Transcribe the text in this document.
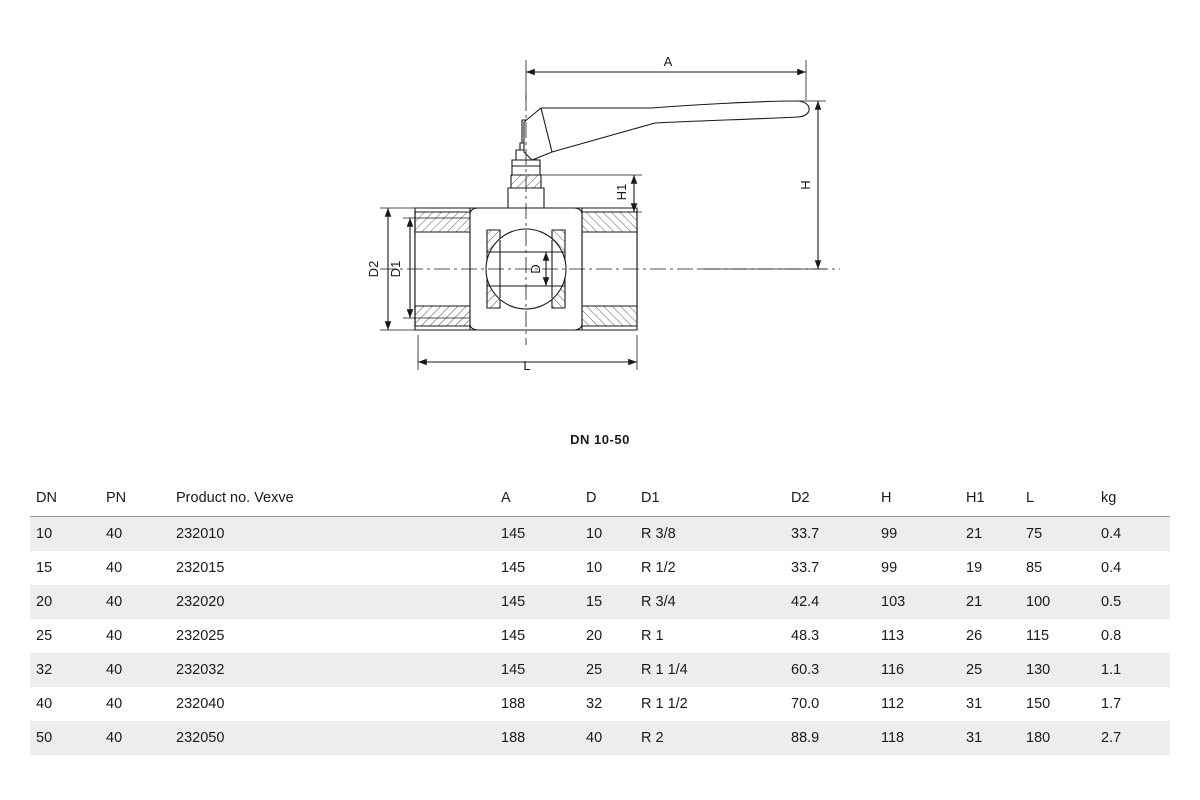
A
H
H1
D2 D1	D
L
DN 10-50
DN	PN	Product no. Vexve	A	D	D1	D2	H	H1	L	kg
10	40	232010	145	10	R 3/8	33.7	99	21	75	0.4
15	40	232015	145	10	R 1/2	33.7	99	19	85	0.4
20	40	232020	145	15	R 3/4	42.4	103	21	100	0.5
25	40	232025	145	20	R 1	48.3	113	26	115	0.8
32	40	232032	145	25	R 1 1/4	60.3	116	25	130	1.1
40	40	232040	188	32	R 1 1/2	70.0	112	31	150	1.7
50	40	232050	188	40	R 2	88.9	118	31	180	2.7
